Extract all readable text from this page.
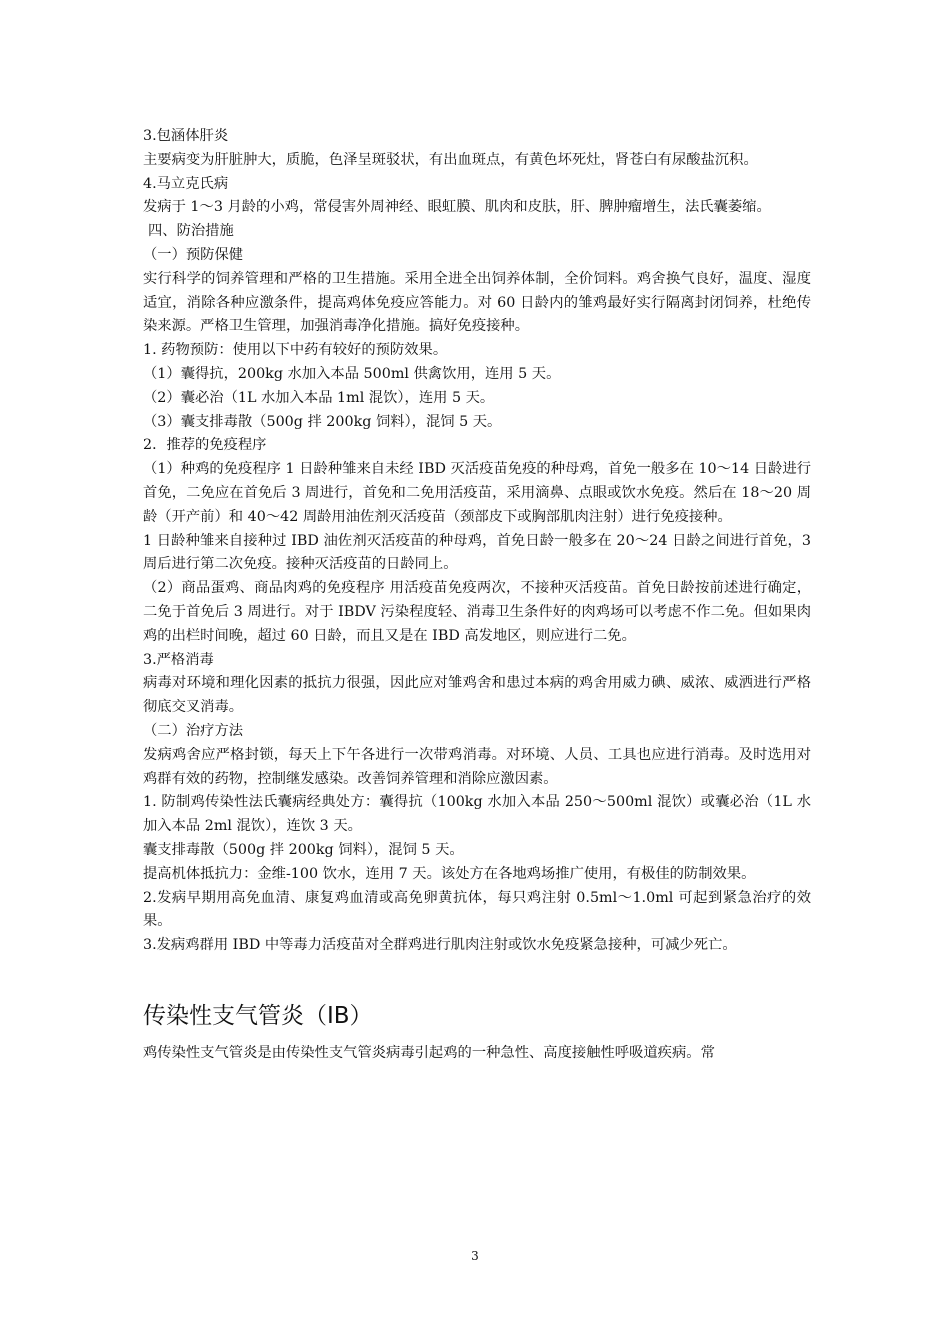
3.包涵体肝炎

主要病变为肝脏肿大，质脆，色泽呈斑驳状，有出血斑点，有黄色坏死灶，肾苍白有尿酸盐沉积。

4.马立克氏病

发病于 1～3 月龄的小鸡，常侵害外周神经、眼虹膜、肌肉和皮肤，肝、脾肿瘤增生，法氏囊萎缩。

四、防治措施

（一）预防保健

实行科学的饲养管理和严格的卫生措施。采用全进全出饲养体制，全价饲料。鸡舍换气良好，温度、湿度适宜，消除各种应激条件，提高鸡体免疫应答能力。对 60 日龄内的雏鸡最好实行隔离封闭饲养，杜绝传染来源。严格卫生管理，加强消毒净化措施。搞好免疫接种。

1. 药物预防：使用以下中药有较好的预防效果。

（1）囊得抗，200kg 水加入本品 500ml 供禽饮用，连用 5 天。

（2）囊必治（1L 水加入本品 1ml 混饮），连用 5 天。

（3）囊支排毒散（500g 拌 200kg 饲料），混饲 5 天。

2．推荐的免疫程序

（1）种鸡的免疫程序 1 日龄种雏来自未经 IBD 灭活疫苗免疫的种母鸡，首免一般多在 10～14 日龄进行首免，二免应在首免后 3 周进行，首免和二免用活疫苗，采用滴鼻、点眼或饮水免疫。然后在 18～20 周龄（开产前）和 40～42 周龄用油佐剂灭活疫苗（颈部皮下或胸部肌肉注射）进行免疫接种。

1 日龄种雏来自接种过 IBD 油佐剂灭活疫苗的种母鸡，首免日龄一般多在 20～24 日龄之间进行首免，3 周后进行第二次免疫。接种灭活疫苗的日龄同上。

（2）商品蛋鸡、商品肉鸡的免疫程序 用活疫苗免疫两次，不接种灭活疫苗。首免日龄按前述进行确定，二免于首免后 3 周进行。对于 IBDV 污染程度轻、消毒卫生条件好的肉鸡场可以考虑不作二免。但如果肉鸡的出栏时间晚，超过 60 日龄，而且又是在 IBD 高发地区，则应进行二免。

3.严格消毒

病毒对环境和理化因素的抵抗力很强，因此应对雏鸡舍和患过本病的鸡舍用威力碘、威浓、威洒进行严格彻底交叉消毒。

（二）治疗方法

发病鸡舍应严格封锁，每天上下午各进行一次带鸡消毒。对环境、人员、工具也应进行消毒。及时选用对鸡群有效的药物，控制继发感染。改善饲养管理和消除应激因素。

1. 防制鸡传染性法氏囊病经典处方：囊得抗（100kg 水加入本品 250～500ml 混饮）或囊必治（1L 水加入本品 2ml 混饮），连饮 3 天。

囊支排毒散（500g 拌 200kg 饲料），混饲 5 天。

提高机体抵抗力：金维-100 饮水，连用 7 天。该处方在各地鸡场推广使用，有极佳的防制效果。

2.发病早期用高免血清、康复鸡血清或高免卵黄抗体，每只鸡注射 0.5ml～1.0ml 可起到紧急治疗的效果。

3.发病鸡群用 IBD 中等毒力活疫苗对全群鸡进行肌肉注射或饮水免疫紧急接种，可减少死亡。

传染性支气管炎（IB）

鸡传染性支气管炎是由传染性支气管炎病毒引起鸡的一种急性、高度接触性呼吸道疾病。常

3
